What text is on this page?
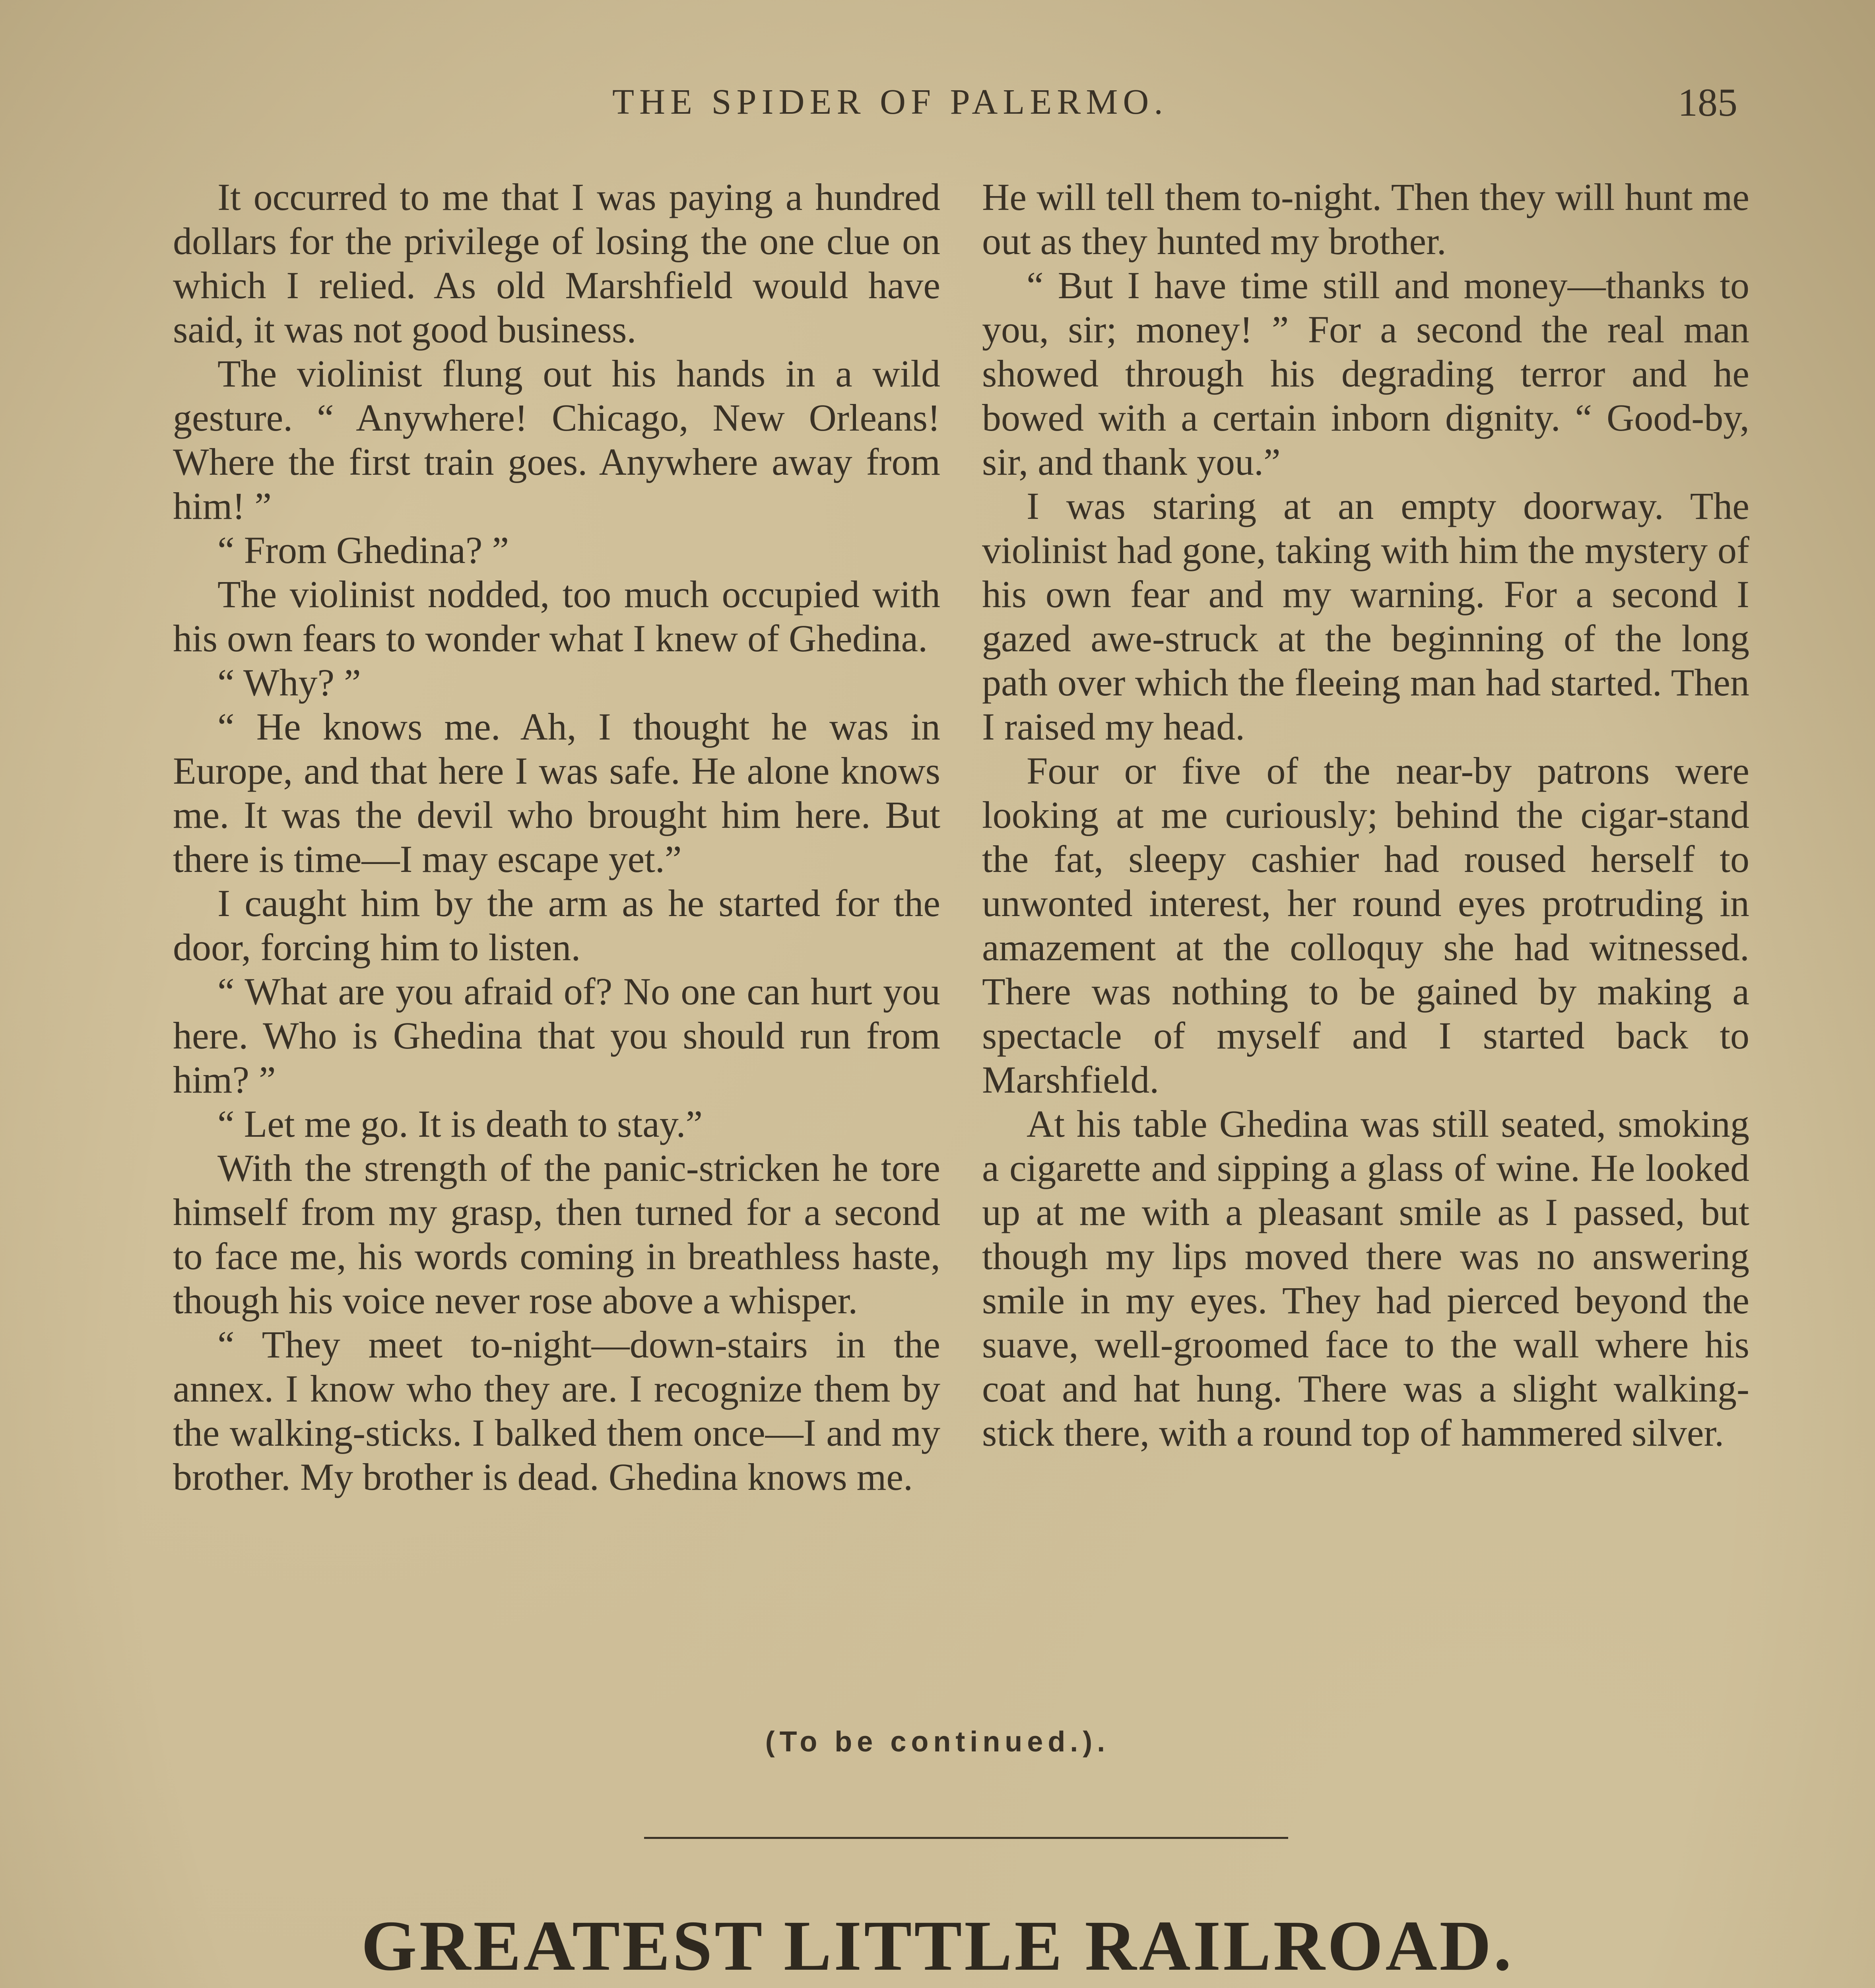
THE SPIDER OF PALERMO.	185

It occurred to me that I was paying a hundred dollars for the privilege of losing the one clue on which I relied. As old Marshfield would have said, it was not good business.

The violinist flung out his hands in a wild gesture. “ Anywhere! Chicago, New Orleans! Where the first train goes. Anywhere away from him! ”

“ From Ghedina? ”

The violinist nodded, too much occupied with his own fears to wonder what I knew of Ghedina.

“ Why? ”

“ He knows me. Ah, I thought he was in Europe, and that here I was safe. He alone knows me. It was the devil who brought him here. But there is time—I may escape yet.”

I caught him by the arm as he started for the door, forcing him to listen.

“ What are you afraid of? No one can hurt you here. Who is Ghedina that you should run from him? ”

“ Let me go. It is death to stay.”

With the strength of the panic-stricken he tore himself from my grasp, then turned for a second to face me, his words coming in breathless haste, though his voice never rose above a whisper.

“ They meet to-night—down-stairs in the annex. I know who they are. I recognize them by the walking-sticks. I balked them once—I and my brother. My brother is dead. Ghedina knows me.

He will tell them to-night. Then they will hunt me out as they hunted my brother.

“ But I have time still and money—thanks to you, sir; money! ” For a second the real man showed through his degrading terror and he bowed with a certain inborn dignity. “ Good-by, sir, and thank you.”

I was staring at an empty doorway. The violinist had gone, taking with him the mystery of his own fear and my warning. For a second I gazed awe-struck at the beginning of the long path over which the fleeing man had started. Then I raised my head.

Four or five of the near-by patrons were looking at me curiously; behind the cigar-stand the fat, sleepy cashier had roused herself to unwonted interest, her round eyes protruding in amazement at the colloquy she had witnessed. There was nothing to be gained by making a spectacle of myself and I started back to Marshfield.

At his table Ghedina was still seated, smoking a cigarette and sipping a glass of wine. He looked up at me with a pleasant smile as I passed, but though my lips moved there was no answering smile in my eyes. They had pierced beyond the suave, well-groomed face to the wall where his coat and hat hung. There was a slight walking-stick there, with a round top of hammered silver.

(To be continued.).
GREATEST LITTLE RAILROAD.
